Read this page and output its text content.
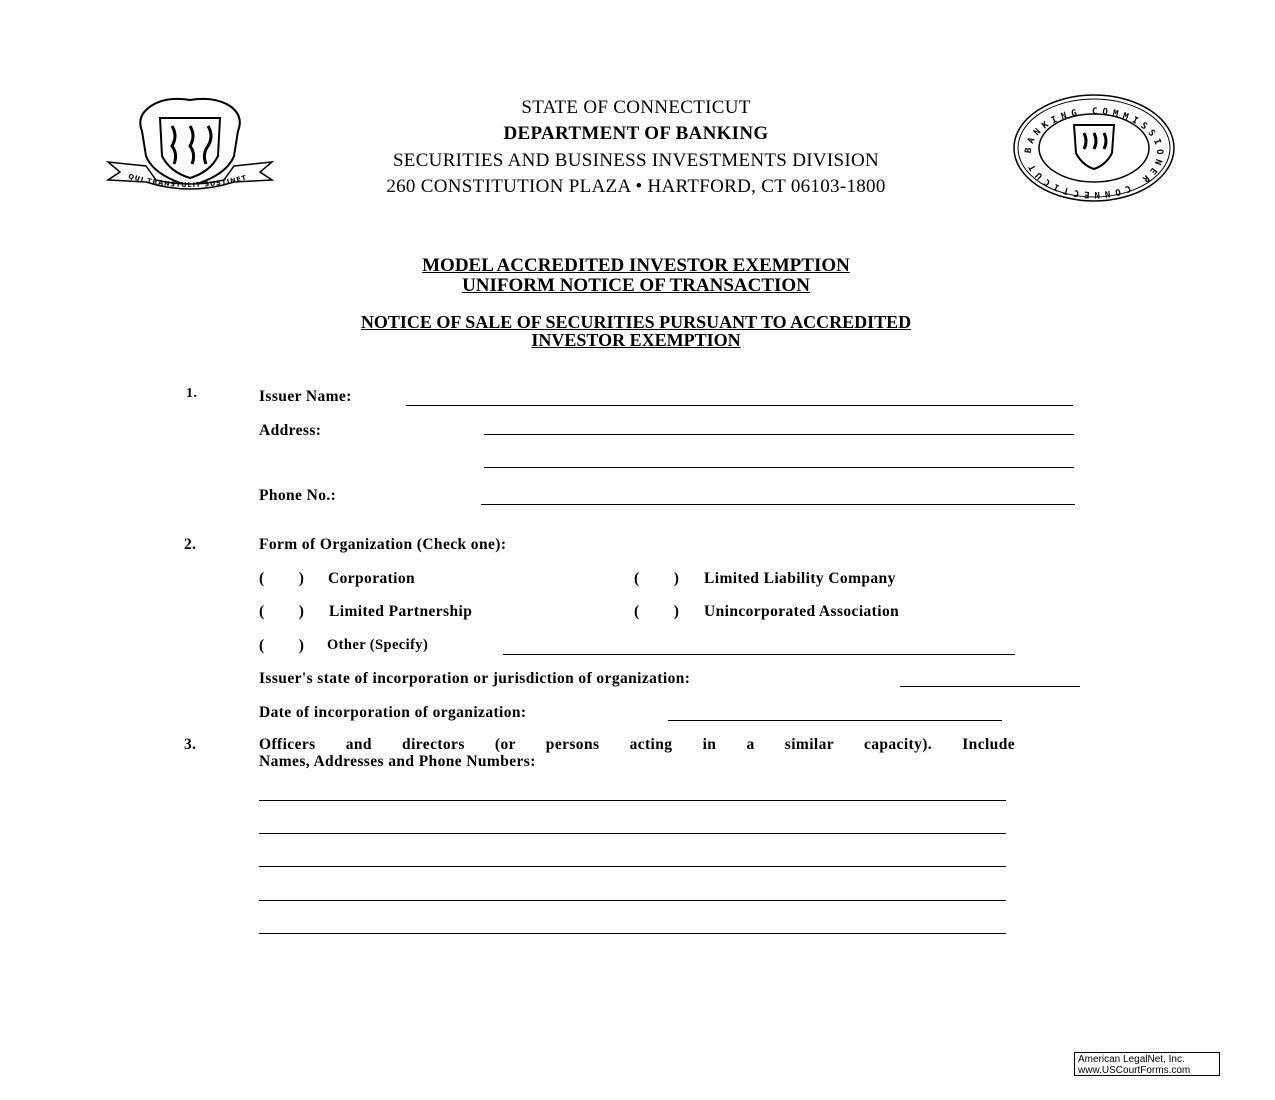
QUI TRANSTULIT SUSTINET
BANKING COMMISSIONER CONNECTICUT
STATE OF CONNECTICUT
DEPARTMENT OF BANKING
SECURITIES AND BUSINESS INVESTMENTS DIVISION
260 CONSTITUTION PLAZA • HARTFORD, CT 06103-1800
MODEL ACCREDITED INVESTOR EXEMPTION
UNIFORM NOTICE OF TRANSACTION
NOTICE OF SALE OF SECURITIES PURSUANT TO ACCREDITED
INVESTOR EXEMPTION
1.	Issuer Name:
Address:
Phone No.:
2.	Form of Organization (Check one):
(        ) Corporation	(        ) Limited Liability Company
(        ) Limited Partnership	(        ) Unincorporated Association
(        ) Other (Specify)
Issuer's state of incorporation or jurisdiction of organization:
Date of incorporation of organization:
3.	Officers and directors (or persons acting in a similar capacity). Include
Names, Addresses and Phone Numbers:
American LegalNet, Inc.
www.USCourtForms.com
